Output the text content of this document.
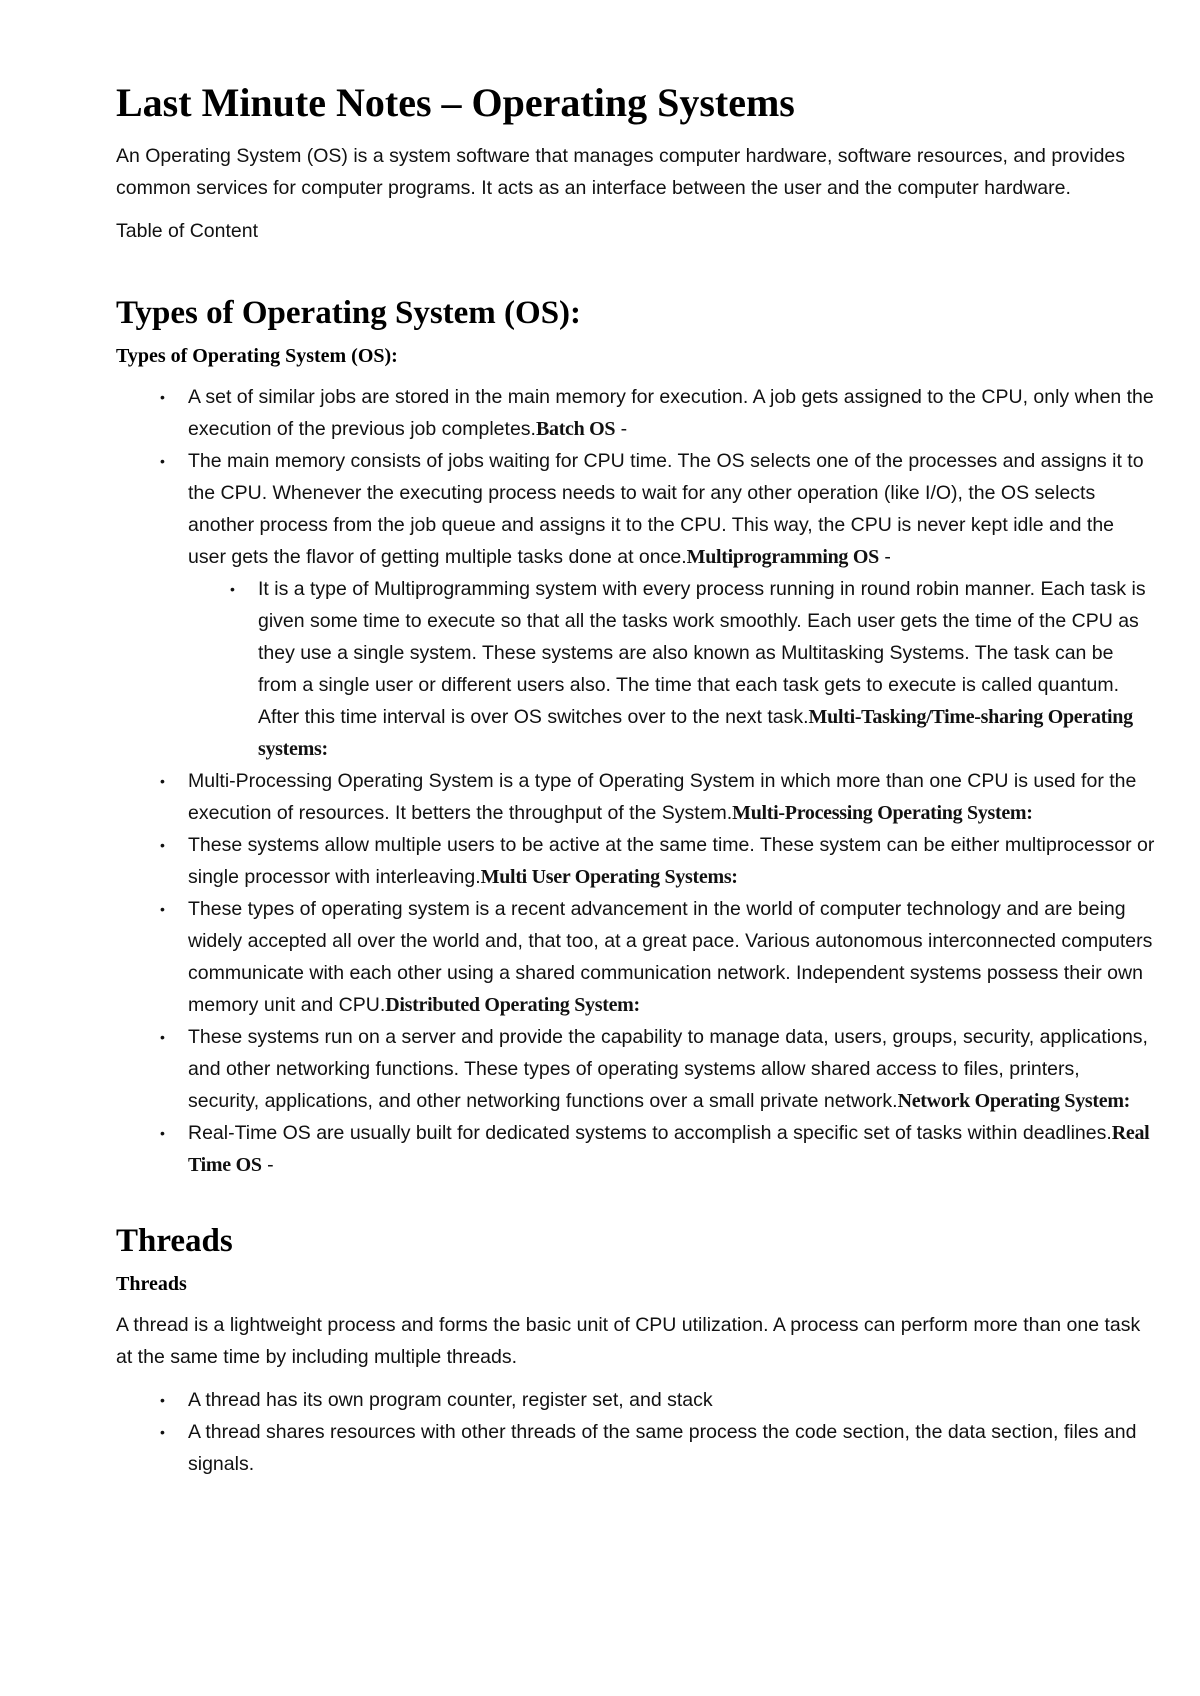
Last Minute Notes – Operating Systems

An Operating System (OS) is a system software that manages computer hardware, software resources, and provides common services for computer programs. It acts as an interface between the user and the computer hardware.

Table of Content

Types of Operating System (OS):
Types of Operating System (OS):
• A set of similar jobs are stored in the main memory for execution. A job gets assigned to the CPU, only when the execution of the previous job completes.Batch OS -
• The main memory consists of jobs waiting for CPU time. The OS selects one of the processes and assigns it to the CPU. Whenever the executing process needs to wait for any other operation (like I/O), the OS selects another process from the job queue and assigns it to the CPU. This way, the CPU is never kept idle and the user gets the flavor of getting multiple tasks done at once.Multiprogramming OS -
• It is a type of Multiprogramming system with every process running in round robin manner. Each task is given some time to execute so that all the tasks work smoothly. Each user gets the time of the CPU as they use a single system. These systems are also known as Multitasking Systems. The task can be from a single user or different users also. The time that each task gets to execute is called quantum. After this time interval is over OS switches over to the next task.Multi-Tasking/Time-sharing Operating systems:
• Multi-Processing Operating System is a type of Operating System in which more than one CPU is used for the execution of resources. It betters the throughput of the System.Multi-Processing Operating System:
• These systems allow multiple users to be active at the same time. These system can be either multiprocessor or single processor with interleaving.Multi User Operating Systems:
• These types of operating system is a recent advancement in the world of computer technology and are being widely accepted all over the world and, that too, at a great pace. Various autonomous interconnected computers communicate with each other using a shared communication network. Independent systems possess their own memory unit and CPU.Distributed Operating System:
• These systems run on a server and provide the capability to manage data, users, groups, security, applications, and other networking functions. These types of operating systems allow shared access to files, printers, security, applications, and other networking functions over a small private network.Network Operating System:
• Real-Time OS are usually built for dedicated systems to accomplish a specific set of tasks within deadlines.Real Time OS -
Threads
Threads

A thread is a lightweight process and forms the basic unit of CPU utilization. A process can perform more than one task at the same time by including multiple threads.

• A thread has its own program counter, register set, and stack
• A thread shares resources with other threads of the same process the code section, the data section, files and signals.
